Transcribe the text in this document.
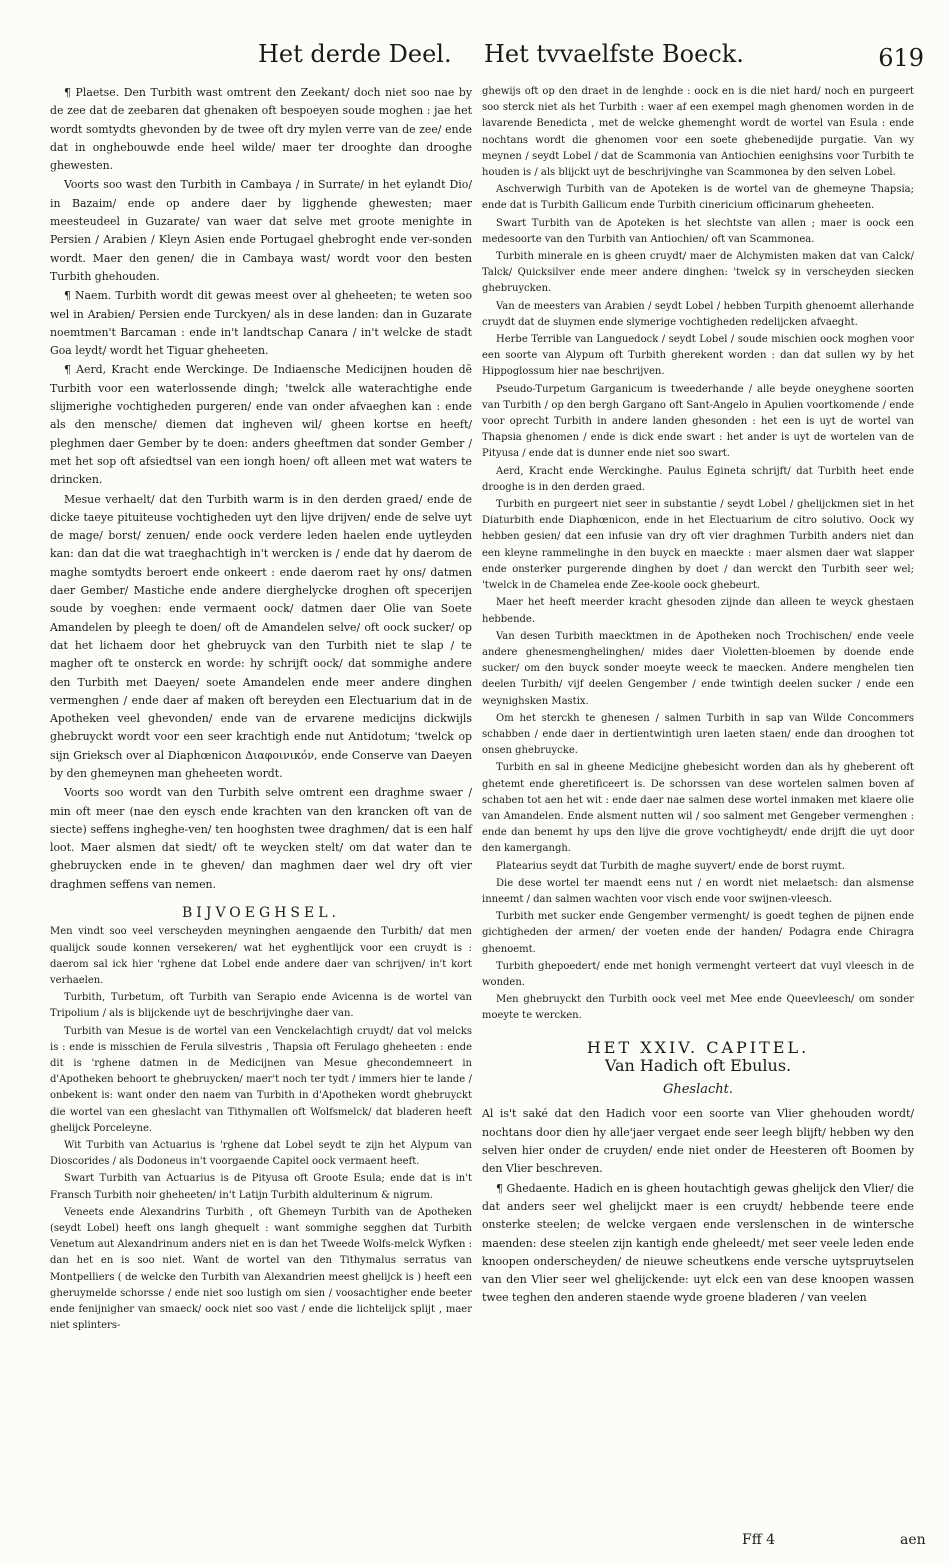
Het derde Deel. Het tvvaelfste Boeck.	619

¶ Plaetse. Den Turbith wast omtrent den Zeekant/ doch niet soo nae by de zee dat de zeebaren dat ghenaken oft bespoeyen soude moghen : jae het wordt somtydts ghevonden by de twee oft dry mylen verre van de zee/ ende dat in onghebouwde ende heel wilde/ maer ter drooghte dan drooghe ghewesten.

Voorts soo wast den Turbith in Cambaya / in Surrate/ in het eylandt Dio/ in Bazaim/ ende op andere daer by ligghende ghewesten; maer meesteudeel in Guzarate/ van waer dat selve met groote menighte in Persien / Arabien / Kleyn Asien ende Portugael ghebroght ende ver-sonden wordt. Maer den genen/ die in Cambaya wast/ wordt voor den besten Turbith ghehouden.

¶ Naem. Turbith wordt dit gewas meest over al gheheeten; te weten soo wel in Arabien/ Persien ende Turckyen/ als in dese landen: dan in Guzarate noemtmen't Barcaman : ende in't landtschap Canara / in't welcke de stadt Goa leydt/ wordt het Tiguar gheheeten.

¶ Aerd, Kracht ende Werckinge. De Indiaensche Medicijnen houden dē Turbith voor een waterlossende dingh; 'twelck alle waterachtighe ende slijmerighe vochtigheden purgeren/ ende van onder afvaeghen kan : ende als den mensche/ diemen dat ingheven wil/ gheen kortse en heeft/ pleghmen daer Gember by te doen: anders gheeftmen dat sonder Gember / met het sop oft afsiedtsel van een iongh hoen/ oft alleen met wat waters te drincken.

Mesue verhaelt/ dat den Turbith warm is in den derden graed/ ende de dicke taeye pituiteuse vochtigheden uyt den lijve drijven/ ende de selve uyt de mage/ borst/ zenuen/ ende oock verdere leden haelen ende uytleyden kan: dan dat die wat traeghachtigh in't wercken is / ende dat hy daerom de maghe somtydts beroert ende onkeert : ende daerom raet hy ons/ datmen daer Gember/ Mastiche ende andere dierghelycke droghen oft specerijen soude by voeghen: ende vermaent oock/ datmen daer Olie van Soete Amandelen by pleegh te doen/ oft de Amandelen selve/ oft oock sucker/ op dat het lichaem door het ghebruyck van den Turbith niet te slap / te magher oft te onsterck en worde: hy schrijft oock/ dat sommighe andere den Turbith met Daeyen/ soete Amandelen ende meer andere dinghen vermenghen / ende daer af maken oft bereyden een Electuarium dat in de Apotheken veel ghevonden/ ende van de ervarene medicijns dickwijls ghebruyckt wordt voor een seer krachtigh ende nut Antidotum; 'twelck op sijn Grieksch over al Diaphœnicon Διαφοινικόν, ende Conserve van Daeyen by den ghemeynen man gheheeten wordt.

Voorts soo wordt van den Turbith selve omtrent een draghme swaer / min oft meer (nae den eysch ende krachten van den krancken oft van de siecte) seffens ingheghe-ven/ ten hooghsten twee draghmen/ dat is een half loot. Maer alsmen dat siedt/ oft te weycken stelt/ om dat water dan te ghebruycken ende in te gheven/ dan maghmen daer wel dry oft vier draghmen seffens van nemen.

BIJVOEGHSEL.

Men vindt soo veel verscheyden meyninghen aengaende den Turbith/ dat men qualijck soude konnen versekeren/ wat het eyghentlijck voor een cruydt is : daerom sal ick hier 'rghene dat Lobel ende andere daer van schrijven/ in't kort verhaelen.

Turbith, Turbetum, oft Turbith van Serapio ende Avicenna is de wortel van Tripolium / als is blijckende uyt de beschrijvinghe daer van.

Turbith van Mesue is de wortel van een Venckelachtigh cruydt/ dat vol melcks is : ende is misschien de Ferula silvestris , Thapsia oft Ferulago gheheeten : ende dit is 'rghene datmen in de Medicijnen van Mesue ghecondemneert in d'Apotheken behoort te ghebruycken/ maer't noch ter tydt / immers hier te lande / onbekent is: want onder den naem van Turbith in d'Apotheken wordt ghebruyckt die wortel van een gheslacht van Tithymallen oft Wolfsmelck/ dat bladeren heeft ghelijck Porceleyne.

Wit Turbith van Actuarius is 'rghene dat Lobel seydt te zijn het Alypum van Dioscorides / als Dodoneus in't voorgaende Capitel oock vermaent heeft.

Swart Turbith van Actuarius is de Pityusa oft Groote Esula; ende dat is in't Fransch Turbith noir gheheeten/ in't Latijn Turbith aldulterinum & nigrum.

Veneets ende Alexandrins Turbith , oft Ghemeyn Turbith van de Apotheken (seydt Lobel) heeft ons langh ghequelt : want sommighe segghen dat Turbith Venetum aut Alexandrinum anders niet en is dan het Tweede Wolfs-melck Wyfken : dan het en is soo niet. Want de wortel van den Tithymalus serratus van Montpelliers ( de welcke den Turbith van Alexandrien meest ghelijck is ) heeft een gheruymelde schorsse / ende niet soo lustigh om sien / voosachtigher ende beeter ende fenijnigher van smaeck/ oock niet soo vast / ende die lichtelijck splijt , maer niet splinters-

ghewijs oft op den draet in de lenghde : oock en is die niet hard/ noch en purgeert soo sterck niet als het Turbith : waer af een exempel magh ghenomen worden in de lavarende Benedicta , met de welcke ghemenght wordt de wortel van Esula : ende nochtans wordt die ghenomen voor een soete ghebenedijde purgatie. Van wy meynen / seydt Lobel / dat de Scammonia van Antiochien eenighsins voor Turbith te houden is / als blijckt uyt de beschrijvinghe van Scammonea by den selven Lobel.

Aschverwigh Turbith van de Apoteken is de wortel van de ghemeyne Thapsia; ende dat is Turbith Gallicum ende Turbith cinericium officinarum gheheeten.

Swart Turbith van de Apoteken is het slechtste van allen ; maer is oock een medesoorte van den Turbith van Antiochien/ oft van Scammonea.

Turbith minerale en is gheen cruydt/ maer de Alchymisten maken dat van Calck/ Talck/ Quicksilver ende meer andere dinghen: 'twelck sy in verscheyden siecken ghebruycken.

Van de meesters van Arabien / seydt Lobel / hebben Turpith ghenoemt allerhande cruydt dat de sluymen ende slymerige vochtigheden redelijcken afvaeght.

Herbe Terrible van Languedock / seydt Lobel / soude mischien oock moghen voor een soorte van Alypum oft Turbith gherekent worden : dan dat sullen wy by het Hippoglossum hier nae beschrijven.

Pseudo-Turpetum Garganicum is tweederhande / alle beyde oneyghene soorten van Turbith / op den bergh Gargano oft Sant-Angelo in Apulien voortkomende / ende voor oprecht Turbith in andere landen ghesonden : het een is uyt de wortel van Thapsia ghenomen / ende is dick ende swart : het ander is uyt de wortelen van de Pityusa / ende dat is dunner ende niet soo swart.

Aerd, Kracht ende Werckinghe. Paulus Egineta schrijft/ dat Turbith heet ende drooghe is in den derden graed.

Turbith en purgeert niet seer in substantie / seydt Lobel / ghelijckmen siet in het Diaturbith ende Diaphœnicon, ende in het Electuarium de citro solutivo. Oock wy hebben gesien/ dat een infusie van dry oft vier draghmen Turbith anders niet dan een kleyne rammelinghe in den buyck en maeckte : maer alsmen daer wat slapper ende onsterker purgerende dinghen by doet / dan werckt den Turbith seer wel; 'twelck in de Chamelea ende Zee-koole oock ghebeurt.

Maer het heeft meerder kracht ghesoden zijnde dan alleen te weyck ghestaen hebbende.

Van desen Turbith maecktmen in de Apotheken noch Trochischen/ ende veele andere ghenesmenghelinghen/ mides daer Violetten-bloemen by doende ende sucker/ om den buyck sonder moeyte weeck te maecken. Andere menghelen tien deelen Turbith/ vijf deelen Gengember / ende twintigh deelen sucker / ende een weynighsken Mastix.

Om het sterckh te ghenesen / salmen Turbith in sap van Wilde Concommers schabben / ende daer in dertientwintigh uren laeten staen/ ende dan drooghen tot onsen ghebruycke.

Turbith en sal in gheene Medicijne ghebesicht worden dan als hy gheberent oft ghetemt ende gheretificeert is. De schorssen van dese wortelen salmen boven af schaben tot aen het wit : ende daer nae salmen dese wortel inmaken met klaere olie van Amandelen. Ende alsment nutten wil / soo salment met Gengeber vermenghen : ende dan benemt hy ups den lijve die grove vochtigheydt/ ende drijft die uyt door den kamergangh.

Platearius seydt dat Turbith de maghe suyvert/ ende de borst ruymt.

Die dese wortel ter maendt eens nut / en wordt niet melaetsch: dan alsmense inneemt / dan salmen wachten voor visch ende voor swijnen-vleesch.

Turbith met sucker ende Gengember vermenght/ is goedt teghen de pijnen ende gichtigheden der armen/ der voeten ende der handen/ Podagra ende Chiragra ghenoemt.

Turbith ghepoedert/ ende met honigh vermenght verteert dat vuyl vleesch in de wonden.

Men ghebruyckt den Turbith oock veel met Mee ende Queevleesch/ om sonder moeyte te wercken.

HET XXIV. CAPITEL.
Van Hadich oft Ebulus.
Gheslacht.

Al is't saké dat den Hadich voor een soorte van Vlier ghehouden wordt/ nochtans door dien hy alle'jaer vergaet ende seer leegh blijft/ hebben wy den selven hier onder de cruyden/ ende niet onder de Heesteren oft Boomen by den Vlier beschreven.

¶ Ghedaente. Hadich en is gheen houtachtigh gewas ghelijck den Vlier/ die dat anders seer wel ghelijckt maer is een cruydt/ hebbende teere ende onsterke steelen; de welcke vergaen ende verslenschen in de wintersche maenden: dese steelen zijn kantigh ende gheleedt/ met seer veele leden ende knoopen onderscheyden/ de nieuwe scheutkens ende versche uytspruytselen van den Vlier seer wel ghelijckende: uyt elck een van dese knoopen wassen twee teghen den anderen staende wyde groene bladeren / van veelen

Fff 4	aen
